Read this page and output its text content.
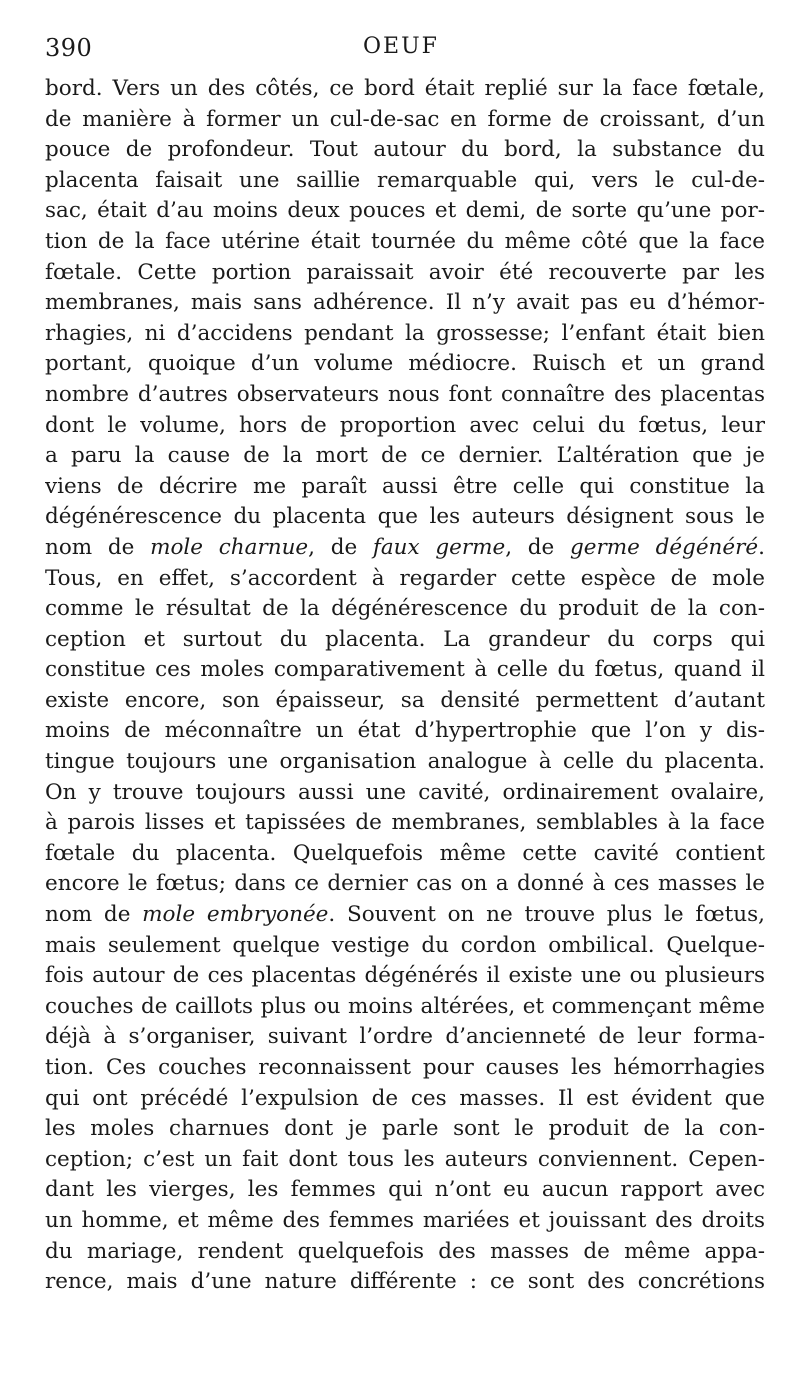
390	OEUF
bord. Vers un des côtés, ce bord était replié sur la face fœtale,
de manière à former un cul-de-sac en forme de croissant, d’un
pouce de profondeur. Tout autour du bord, la substance du
placenta faisait une saillie remarquable qui, vers le cul-de-
sac, était d’au moins deux pouces et demi, de sorte qu’une por-
tion de la face utérine était tournée du même côté que la face
fœtale. Cette portion paraissait avoir été recouverte par les
membranes, mais sans adhérence. Il n’y avait pas eu d’hémor-
rhagies, ni d’accidens pendant la grossesse; l’enfant était bien
portant, quoique d’un volume médiocre. Ruisch et un grand
nombre d’autres observateurs nous font connaître des placentas
dont le volume, hors de proportion avec celui du fœtus, leur
a paru la cause de la mort de ce dernier. L’altération que je
viens de décrire me paraît aussi être celle qui constitue la
dégénérescence du placenta que les auteurs désignent sous le
nom de mole charnue, de faux germe, de germe dégénéré.
Tous, en effet, s’accordent à regarder cette espèce de mole
comme le résultat de la dégénérescence du produit de la con-
ception et surtout du placenta. La grandeur du corps qui
constitue ces moles comparativement à celle du fœtus, quand il
existe encore, son épaisseur, sa densité permettent d’autant
moins de méconnaître un état d’hypertrophie que l’on y dis-
tingue toujours une organisation analogue à celle du placenta.
On y trouve toujours aussi une cavité, ordinairement ovalaire,
à parois lisses et tapissées de membranes, semblables à la face
fœtale du placenta. Quelquefois même cette cavité contient
encore le fœtus; dans ce dernier cas on a donné à ces masses le
nom de mole embryonée. Souvent on ne trouve plus le fœtus,
mais seulement quelque vestige du cordon ombilical. Quelque-
fois autour de ces placentas dégénérés il existe une ou plusieurs
couches de caillots plus ou moins altérées, et commençant même
déjà à s’organiser, suivant l’ordre d’ancienneté de leur forma-
tion. Ces couches reconnaissent pour causes les hémorrhagies
qui ont précédé l’expulsion de ces masses. Il est évident que
les moles charnues dont je parle sont le produit de la con-
ception; c’est un fait dont tous les auteurs conviennent. Cepen-
dant les vierges, les femmes qui n’ont eu aucun rapport avec
un homme, et même des femmes mariées et jouissant des droits
du mariage, rendent quelquefois des masses de même appa-
rence, mais d’une nature différente : ce sont des concrétions
